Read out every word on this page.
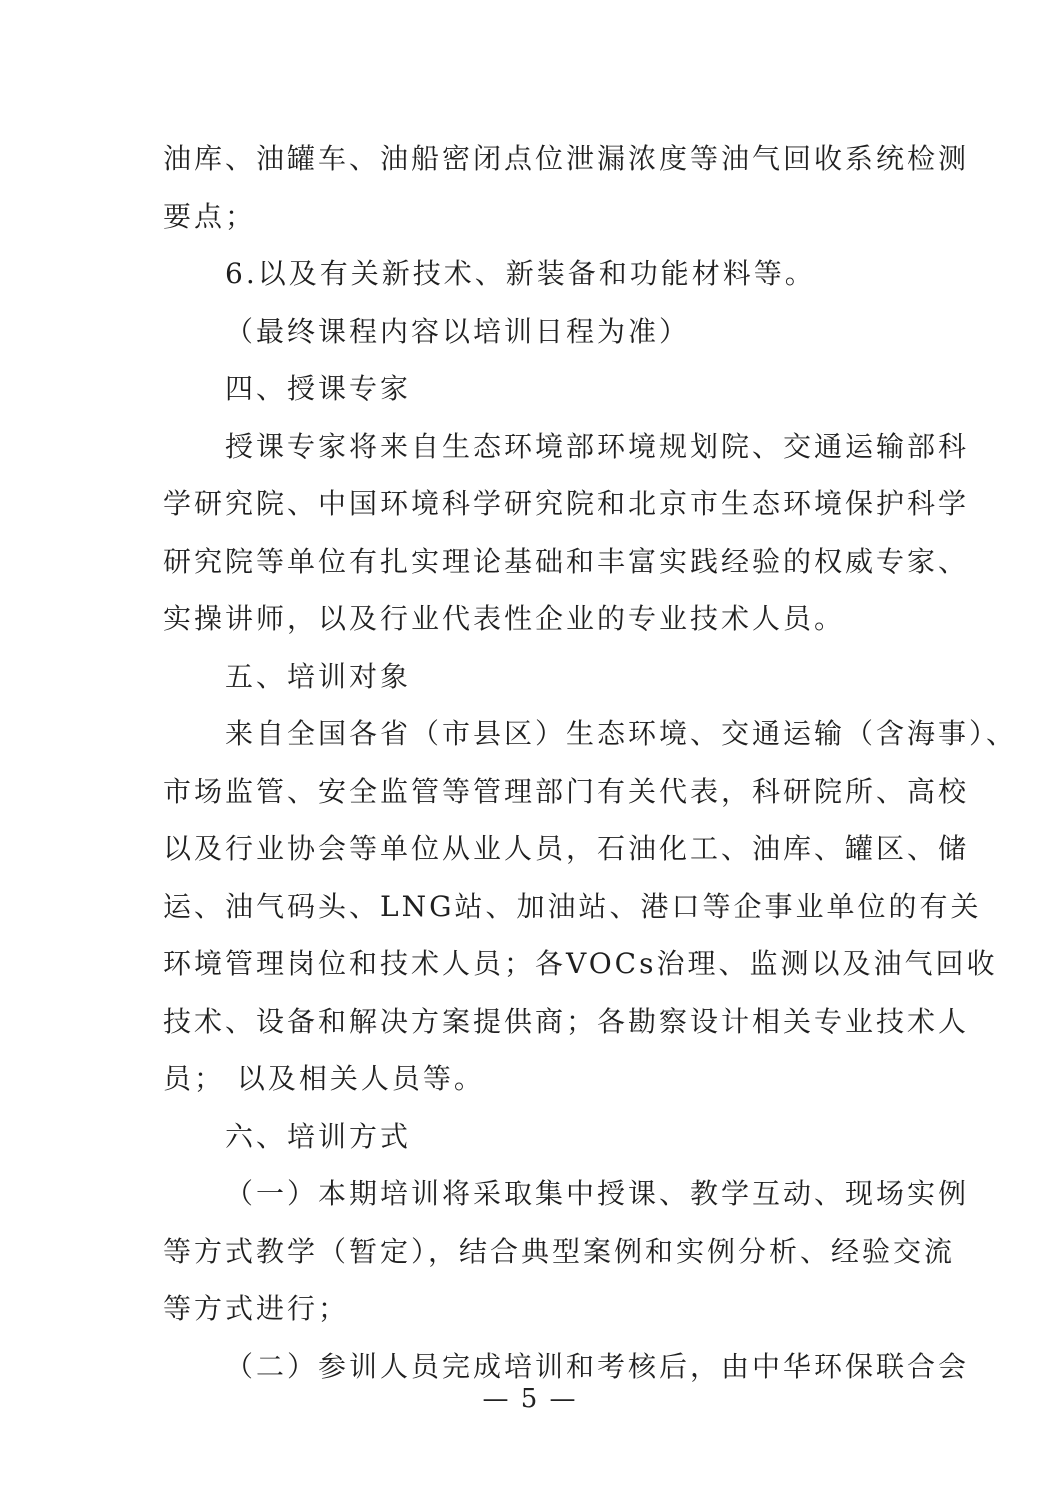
油库、油罐车、油船密闭点位泄漏浓度等油气回收系统检测
要点；
6.以及有关新技术、新装备和功能材料等。
（最终课程内容以培训日程为准）
四、授课专家
授课专家将来自生态环境部环境规划院、交通运输部科
学研究院、中国环境科学研究院和北京市生态环境保护科学
研究院等单位有扎实理论基础和丰富实践经验的权威专家、
实操讲师，以及行业代表性企业的专业技术人员。
五、培训对象
来自全国各省（市县区）生态环境、交通运输（含海事）、
市场监管、安全监管等管理部门有关代表，科研院所、高校
以及行业协会等单位从业人员，石油化工、油库、罐区、储
运、油气码头、LNG站、加油站、港口等企事业单位的有关
环境管理岗位和技术人员；各VOCs治理、监测以及油气回收
技术、设备和解决方案提供商；各勘察设计相关专业技术人
员； 以及相关人员等。
六、培训方式
（一）本期培训将采取集中授课、教学互动、现场实例
等方式教学（暂定），结合典型案例和实例分析、经验交流
等方式进行；
（二）参训人员完成培训和考核后，由中华环保联合会
— 5 —
